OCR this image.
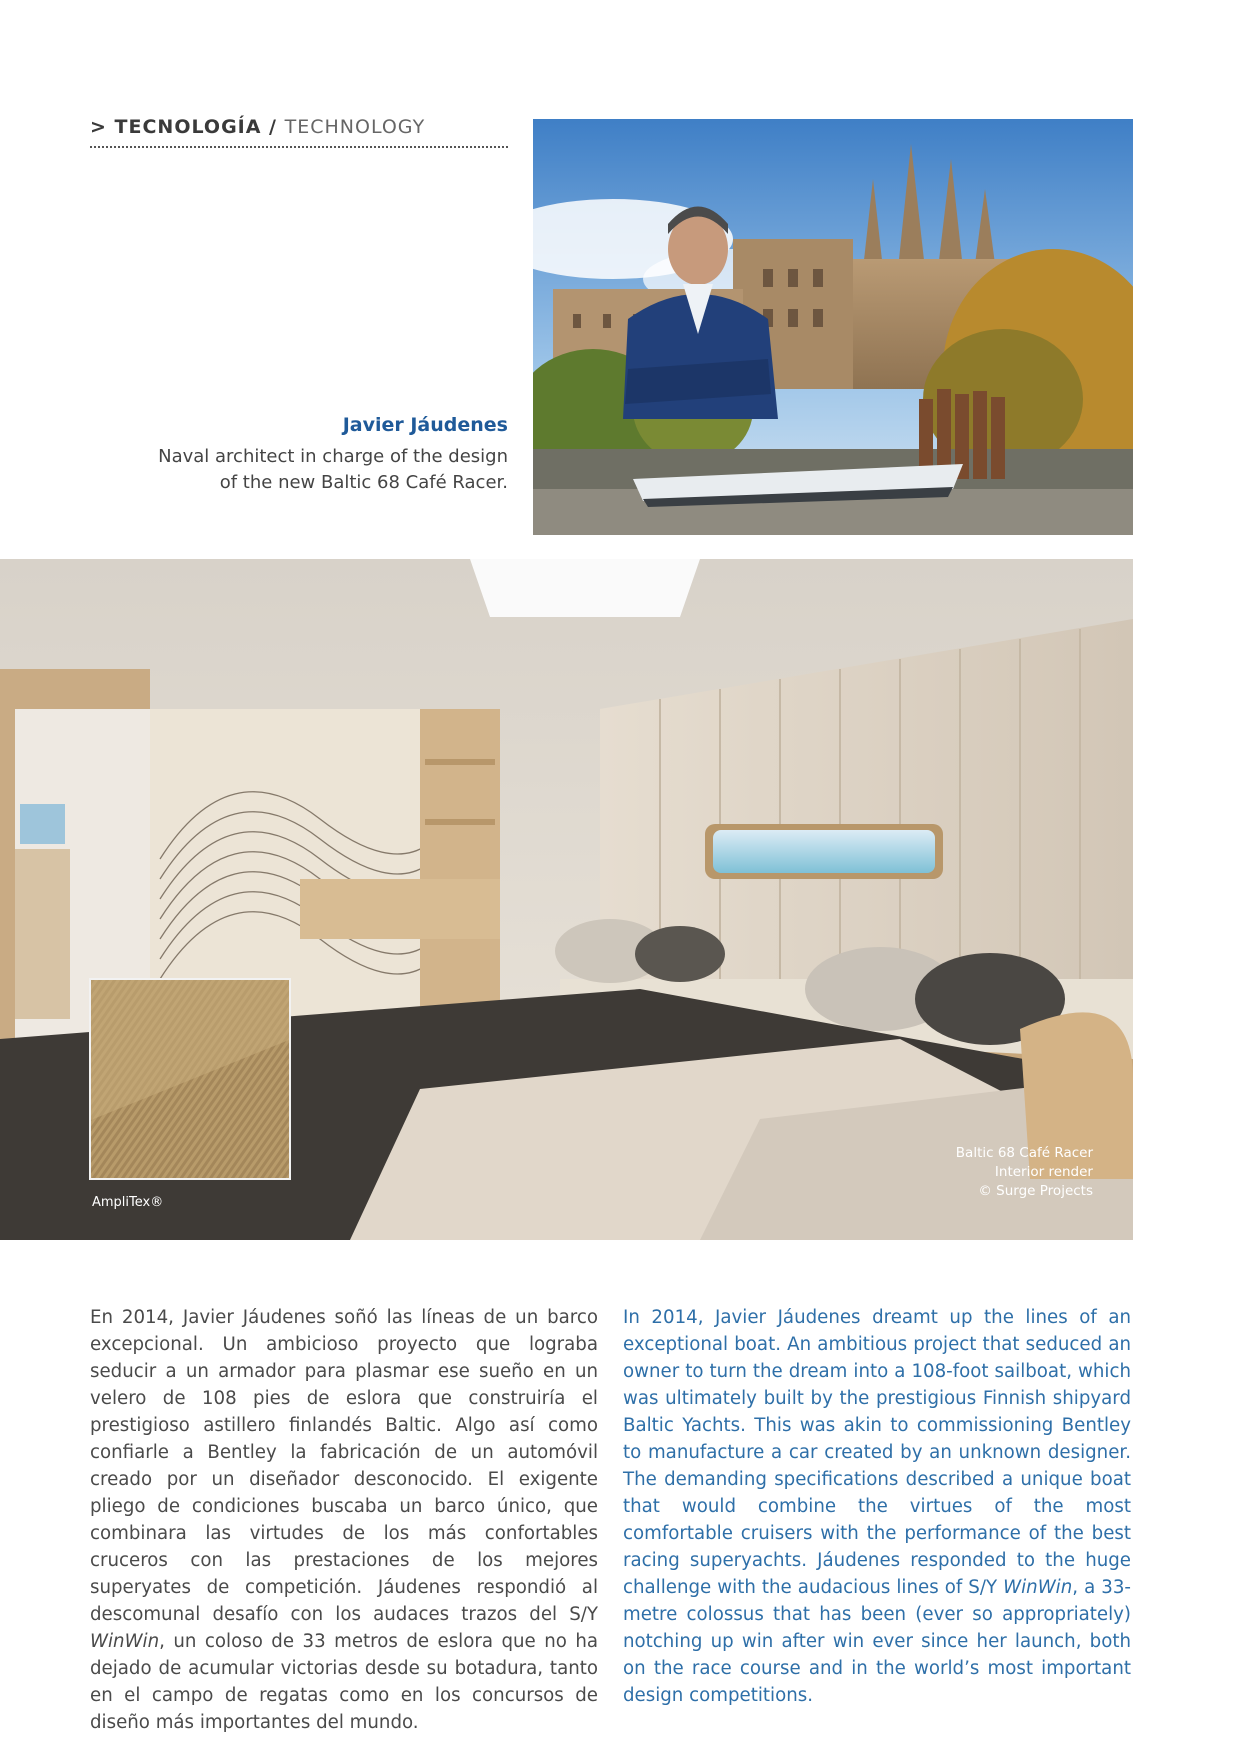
> TECNOLOGÍA / TECHNOLOGY
Javier Jáudenes
Naval architect in charge of the design
of the new Baltic 68 Café Racer.
AmpliTex®
Baltic 68 Café Racer
Interior render
© Surge Projects
En 2014, Javier Jáudenes soñó las líneas de un barco excepcional. Un ambicioso proyecto que lograba seducir a un armador para plasmar ese sueño en un velero de 108 pies de eslora que construiría el prestigioso astillero finlandés Baltic. Algo así como confiarle a Bentley la fabricación de un automóvil creado por un diseñador desconocido. El exigente pliego de condiciones buscaba un barco único, que combinara las virtudes de los más confortables cruceros con las prestaciones de los mejores superyates de competición. Jáudenes respondió al descomunal desafío con los audaces trazos del S/Y WinWin, un coloso de 33 metros de eslora que no ha dejado de acumular victorias desde su botadura, tanto en el campo de regatas como en los concursos de diseño más importantes del mundo.
In 2014, Javier Jáudenes dreamt up the lines of an exceptional boat. An ambitious project that seduced an owner to turn the dream into a 108-foot sailboat, which was ultimately built by the prestigious Finnish shipyard Baltic Yachts. This was akin to commissioning Bentley to manufacture a car created by an unknown designer. The demanding specifications described a unique boat that would combine the virtues of the most comfortable cruisers with the performance of the best racing superyachts. Jáudenes responded to the huge challenge with the audacious lines of S/Y WinWin, a 33-metre colossus that has been (ever so appropriately) notching up win after win ever since her launch, both on the race course and in the world’s most important design competitions.
